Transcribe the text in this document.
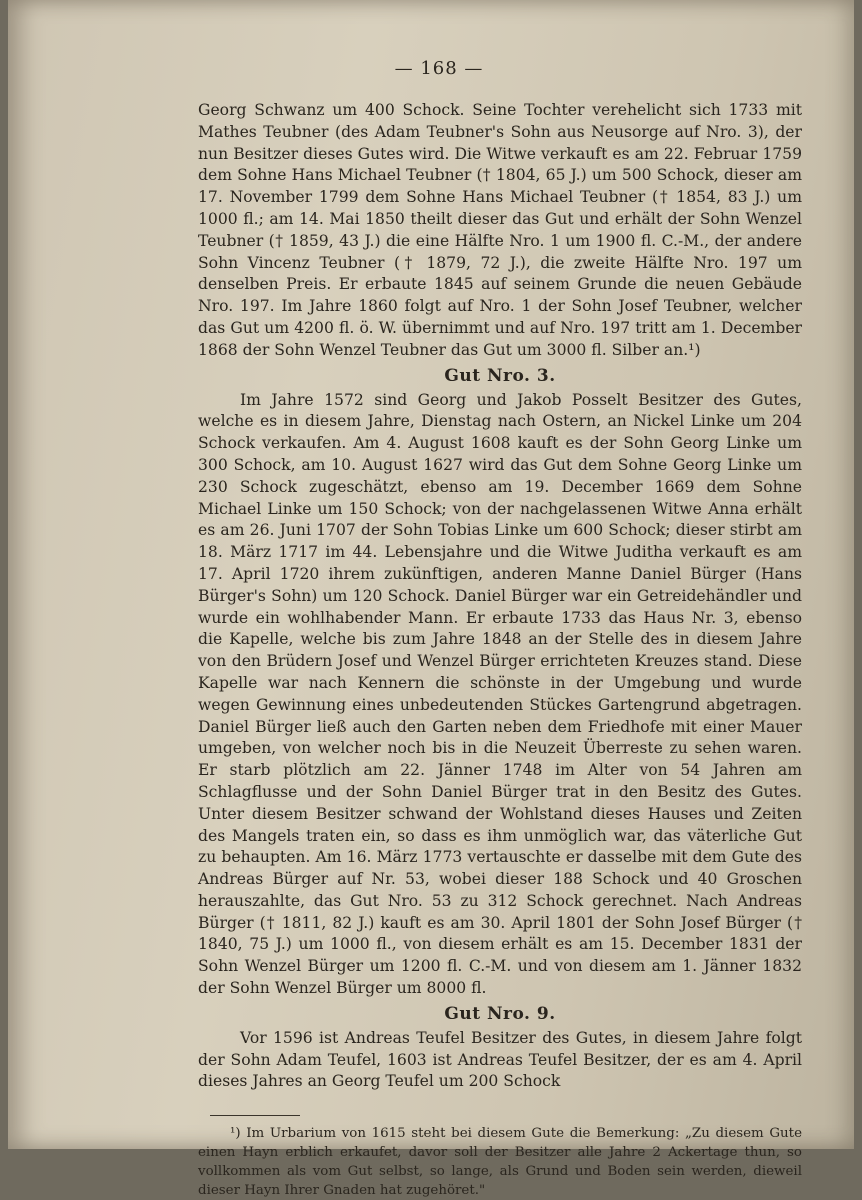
— 168 —

Georg Schwanz um 400 Schock. Seine Tochter verehelicht sich 1733 mit Mathes Teubner (des Adam Teubner's Sohn aus Neusorge auf Nro. 3), der nun Besitzer dieses Gutes wird. Die Witwe verkauft es am 22. Februar 1759 dem Sohne Hans Michael Teubner († 1804, 65 J.) um 500 Schock, dieser am 17. November 1799 dem Sohne Hans Michael Teubner († 1854, 83 J.) um 1000 fl.; am 14. Mai 1850 theilt dieser das Gut und erhält der Sohn Wenzel Teubner († 1859, 43 J.) die eine Hälfte Nro. 1 um 1900 fl. C.-M., der andere Sohn Vincenz Teubner († 1879, 72 J.), die zweite Hälfte Nro. 197 um denselben Preis. Er erbaute 1845 auf seinem Grunde die neuen Gebäude Nro. 197. Im Jahre 1860 folgt auf Nro. 1 der Sohn Josef Teubner, welcher das Gut um 4200 fl. ö. W. übernimmt und auf Nro. 197 tritt am 1. December 1868 der Sohn Wenzel Teubner das Gut um 3000 fl. Silber an.¹)

Gut Nro. 3.

Im Jahre 1572 sind Georg und Jakob Posselt Besitzer des Gutes, welche es in diesem Jahre, Dienstag nach Ostern, an Nickel Linke um 204 Schock verkaufen. Am 4. August 1608 kauft es der Sohn Georg Linke um 300 Schock, am 10. August 1627 wird das Gut dem Sohne Georg Linke um 230 Schock zugeschätzt, ebenso am 19. December 1669 dem Sohne Michael Linke um 150 Schock; von der nachgelassenen Witwe Anna erhält es am 26. Juni 1707 der Sohn Tobias Linke um 600 Schock; dieser stirbt am 18. März 1717 im 44. Lebensjahre und die Witwe Juditha verkauft es am 17. April 1720 ihrem zukünftigen, anderen Manne Daniel Bürger (Hans Bürger's Sohn) um 120 Schock. Daniel Bürger war ein Getreidehändler und wurde ein wohlhabender Mann. Er erbaute 1733 das Haus Nr. 3, ebenso die Kapelle, welche bis zum Jahre 1848 an der Stelle des in diesem Jahre von den Brüdern Josef und Wenzel Bürger errichteten Kreuzes stand. Diese Kapelle war nach Kennern die schönste in der Umgebung und wurde wegen Gewinnung eines unbedeutenden Stückes Gartengrund abgetragen. Daniel Bürger ließ auch den Garten neben dem Friedhofe mit einer Mauer umgeben, von welcher noch bis in die Neuzeit Überreste zu sehen waren. Er starb plötzlich am 22. Jänner 1748 im Alter von 54 Jahren am Schlagflusse und der Sohn Daniel Bürger trat in den Besitz des Gutes. Unter diesem Besitzer schwand der Wohlstand dieses Hauses und Zeiten des Mangels traten ein, so dass es ihm unmöglich war, das väterliche Gut zu behaupten. Am 16. März 1773 vertauschte er dasselbe mit dem Gute des Andreas Bürger auf Nr. 53, wobei dieser 188 Schock und 40 Groschen herauszahlte, das Gut Nro. 53 zu 312 Schock gerechnet. Nach Andreas Bürger († 1811, 82 J.) kauft es am 30. April 1801 der Sohn Josef Bürger († 1840, 75 J.) um 1000 fl., von diesem erhält es am 15. December 1831 der Sohn Wenzel Bürger um 1200 fl. C.-M. und von diesem am 1. Jänner 1832 der Sohn Wenzel Bürger um 8000 fl.

Gut Nro. 9.

Vor 1596 ist Andreas Teufel Besitzer des Gutes, in diesem Jahre folgt der Sohn Adam Teufel, 1603 ist Andreas Teufel Besitzer, der es am 4. April dieses Jahres an Georg Teufel um 200 Schock

¹) Im Urbarium von 1615 steht bei diesem Gute die Bemerkung: „Zu diesem Gute einen Hayn erblich erkaufet, davor soll der Besitzer alle Jahre 2 Ackertage thun, so vollkommen als vom Gut selbst, so lange, als Grund und Boden sein werden, dieweil dieser Hayn Ihrer Gnaden hat zugehöret."
